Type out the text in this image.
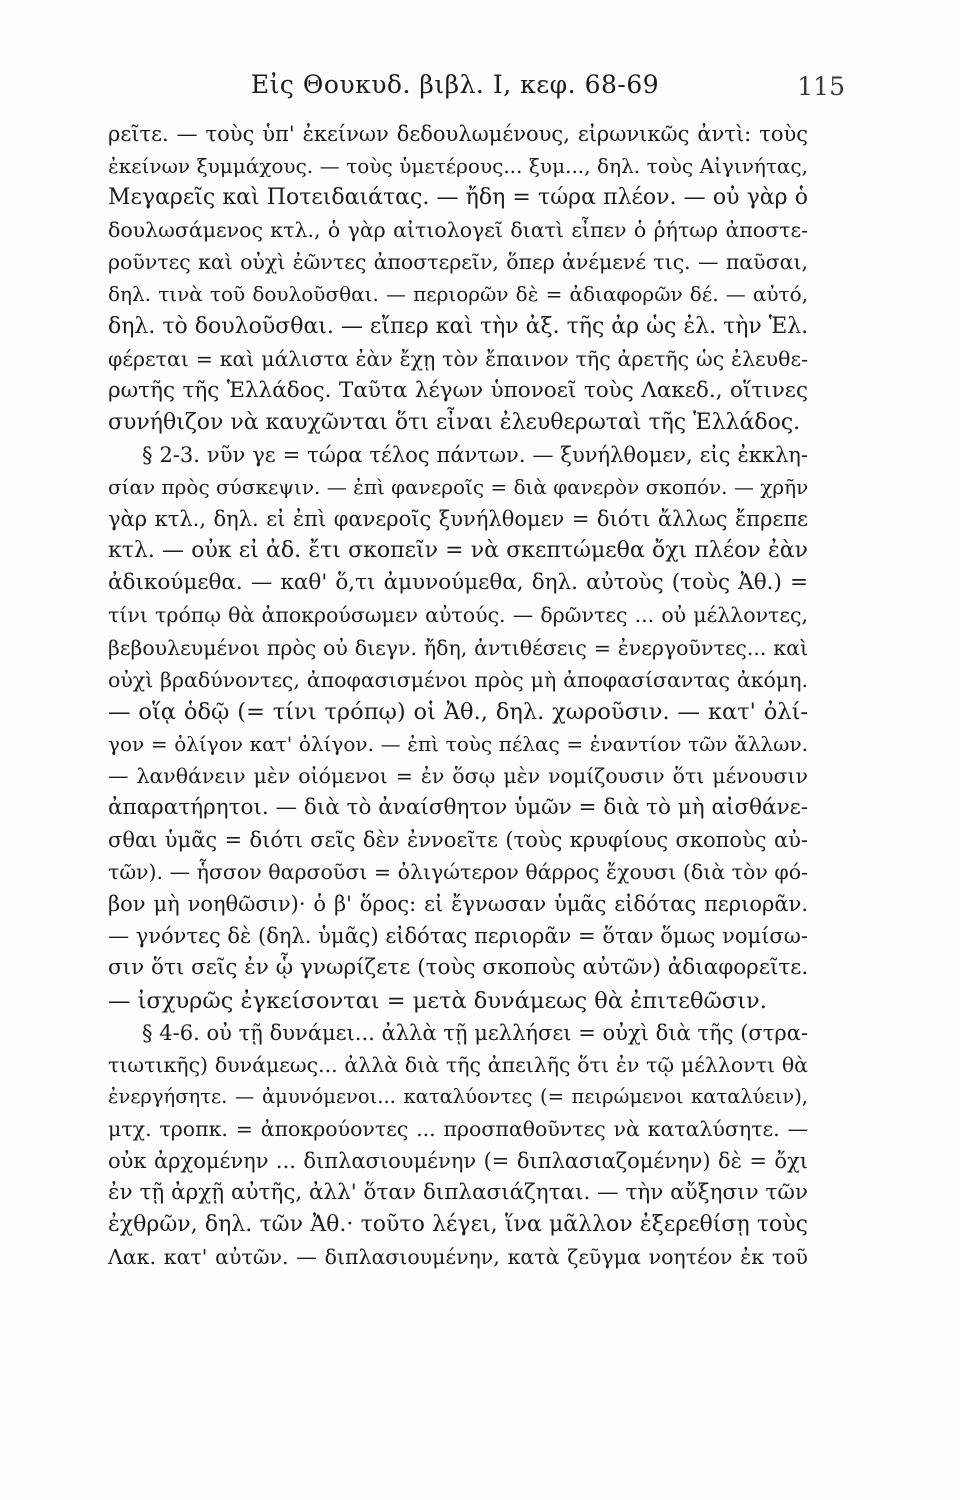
Εἰς Θουκυδ. βιβλ. Ι, κεφ. 68-69	115
ρεῖτε. — τοὺς ὑπ' ἐκείνων δεδουλωμένους, εἰρωνικῶς ἀντὶ: τοὺς
ἐκείνων ξυμμάχους. — τοὺς ὑμετέρους... ξυμ..., δηλ. τοὺς Αἰγινήτας,
Μεγαρεῖς καὶ Ποτειδαιάτας. — ἤδη = τώρα πλέον. — οὐ γὰρ ὁ
δουλωσάμενος κτλ., ὁ γὰρ αἰτιολογεῖ διατὶ εἶπεν ὁ ῥήτωρ ἀποστε-
ροῦντες καὶ οὐχὶ ἐῶντες ἀποστερεῖν, ὅπερ ἀνέμενέ τις. — παῦσαι,
δηλ. τινὰ τοῦ δουλοῦσθαι. — περιορῶν δὲ = ἀδιαφορῶν δέ. — αὐτό,
δηλ. τὸ δουλοῦσθαι. — εἴπερ καὶ τὴν ἀξ. τῆς ἀρ ὡς ἐλ. τὴν Ἑλ.
φέρεται = καὶ μάλιστα ἐὰν ἔχῃ τὸν ἔπαινον τῆς ἀρετῆς ὡς ἐλευθε-
ρωτῆς τῆς Ἑλλάδος. Ταῦτα λέγων ὑπονοεῖ τοὺς Λακεδ., οἵτινες
συνήθιζον νὰ καυχῶνται ὅτι εἶναι ἐλευθερωταὶ τῆς Ἑλλάδος.
§ 2-3. νῦν γε = τώρα τέλος πάντων. — ξυνήλθομεν, εἰς ἐκκλη-
σίαν πρὸς σύσκεψιν. — ἐπὶ φανεροῖς = διὰ φανερὸν σκοπόν. — χρῆν
γὰρ κτλ., δηλ. εἰ ἐπὶ φανεροῖς ξυνήλθομεν = διότι ἄλλως ἔπρεπε
κτλ. — οὐκ εἰ ἀδ. ἔτι σκοπεῖν = νὰ σκεπτώμεθα ὄχι πλέον ἐὰν
ἀδικούμεθα. — καθ' ὅ,τι ἀμυνούμεθα, δηλ. αὐτοὺς (τοὺς Ἀθ.) =
τίνι τρόπῳ θὰ ἀποκρούσωμεν αὐτούς. — δρῶντες ... οὐ μέλλοντες,
βεβουλευμένοι πρὸς οὐ διεγν. ἤδη, ἀντιθέσεις = ἐνεργοῦντες... καὶ
οὐχὶ βραδύνοντες, ἀποφασισμένοι πρὸς μὴ ἀποφασίσαντας ἀκόμη.
— οἵᾳ ὁδῷ (= τίνι τρόπῳ) οἱ Ἀθ., δηλ. χωροῦσιν. — κατ' ὀλί-
γον = ὀλίγον κατ' ὀλίγον. — ἐπὶ τοὺς πέλας = ἐναντίον τῶν ἄλλων.
— λανθάνειν μὲν οἰόμενοι = ἐν ὅσῳ μὲν νομίζουσιν ὅτι μένουσιν
ἀπαρατήρητοι. — διὰ τὸ ἀναίσθητον ὑμῶν = διὰ τὸ μὴ αἰσθάνε-
σθαι ὑμᾶς = διότι σεῖς δὲν ἐννοεῖτε (τοὺς κρυφίους σκοποὺς αὐ-
τῶν). — ἧσσον θαρσοῦσι = ὀλιγώτερον θάρρος ἔχουσι (διὰ τὸν φό-
βον μὴ νοηθῶσιν)· ὁ β' ὅρος: εἰ ἔγνωσαν ὑμᾶς εἰδότας περιορᾶν.
— γνόντες δὲ (δηλ. ὑμᾶς) εἰδότας περιορᾶν = ὅταν ὅμως νομίσω-
σιν ὅτι σεῖς ἐν ᾧ γνωρίζετε (τοὺς σκοποὺς αὐτῶν) ἀδιαφορεῖτε.
— ἰσχυρῶς ἐγκείσονται = μετὰ δυνάμεως θὰ ἐπιτεθῶσιν.
§ 4-6. οὐ τῇ δυνάμει... ἀλλὰ τῇ μελλήσει = οὐχὶ διὰ τῆς (στρα-
τιωτικῆς) δυνάμεως... ἀλλὰ διὰ τῆς ἀπειλῆς ὅτι ἐν τῷ μέλλοντι θὰ
ἐνεργήσητε. — ἀμυνόμενοι... καταλύοντες (= πειρώμενοι καταλύειν),
μτχ. τροπκ. = ἀποκρούοντες ... προσπαθοῦντες νὰ καταλύσητε. —
οὐκ ἀρχομένην ... διπλασιουμένην (= διπλασιαζομένην) δὲ = ὄχι
ἐν τῇ ἀρχῇ αὐτῆς, ἀλλ' ὅταν διπλασιάζηται. — τὴν αὔξησιν τῶν
ἐχθρῶν, δηλ. τῶν Ἀθ.· τοῦτο λέγει, ἵνα μᾶλλον ἐξερεθίσῃ τοὺς
Λακ. κατ' αὐτῶν. — διπλασιουμένην, κατὰ ζεῦγμα νοητέον ἐκ τοῦ
